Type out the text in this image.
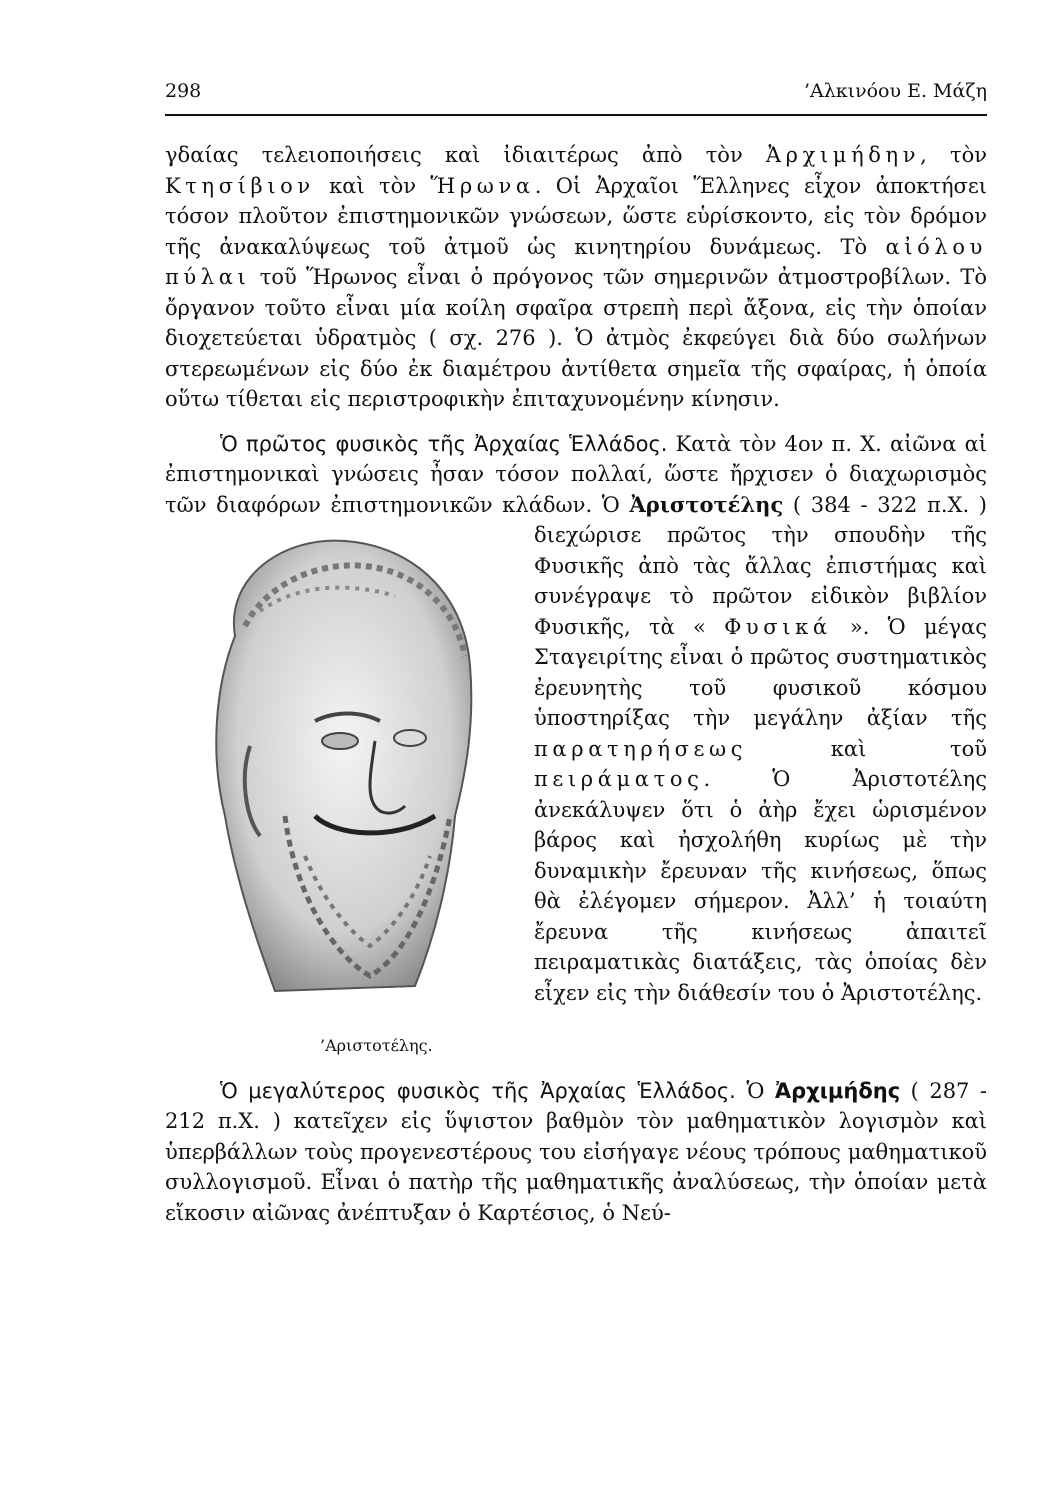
298	’Αλκινόου Ε. Μάζη

γδαίας τελειοποιήσεις καὶ ἰδιαιτέρως ἀπὸ τὸν Ἀρχιμήδην, τὸν Κτησίβιον καὶ τὸν Ἥρωνα. Οἱ Ἀρχαῖοι Ἕλληνες εἶχον ἀποκτήσει τόσον πλοῦτον ἐπιστημονικῶν γνώσεων, ὥστε εὑρίσκοντο, εἰς τὸν δρόμον τῆς ἀνακαλύψεως τοῦ ἀτμοῦ ὡς κινητηρίου δυνάμεως. Τὸ αἰόλου πύλαι τοῦ Ἥρωνος εἶναι ὁ πρόγονος τῶν σημερινῶν ἀτμοστροβίλων. Τὸ ὄργανον τοῦτο εἶναι μία κοίλη σφαῖρα στρεπὴ περὶ ἄξονα, εἰς τὴν ὁποίαν διοχετεύεται ὑδρατμὸς ( σχ. 276 ). Ὁ ἀτμὸς ἐκφεύγει διὰ δύο σωλήνων στερεωμένων εἰς δύο ἐκ διαμέτρου ἀντίθετα σημεῖα τῆς σφαίρας, ἡ ὁποία οὕτω τίθεται εἰς περιστροφικὴν ἐπιταχυνομένην κίνησιν.

Ὁ πρῶτος φυσικὸς τῆς Ἀρχαίας Ἑλλάδος. Κατὰ τὸν 4ον π. Χ. αἰῶνα αἱ ἐπιστημονικαὶ γνώσεις ἦσαν τόσον πολλαί, ὥστε ἤρχισεν ὁ διαχωρισμὸς τῶν διαφόρων ἐπιστημονικῶν κλάδων. Ὁ
’Αριστοτέλης.
Ἀριστοτέλης ( 384 - 322 π.Χ. ) διεχώρισε πρῶτος τὴν σπουδὴν τῆς Φυσικῆς ἀπὸ τὰς ἄλλας ἐπιστήμας καὶ συνέγραψε τὸ πρῶτον εἰδικὸν βιβλίον Φυσικῆς, τὰ « Φυσικά ». Ὁ μέγας Σταγειρίτης εἶναι ὁ πρῶτος συστηματικὸς ἐρευνητὴς τοῦ φυσικοῦ κόσμου ὑποστηρίξας τὴν μεγάλην ἀξίαν τῆς παρατηρήσεως καὶ τοῦ πειράματος. Ὁ Ἀριστοτέλης ἀνεκάλυψεν ὅτι ὁ ἀὴρ ἔχει ὡρισμένον βάρος καὶ ἠσχολήθη κυρίως μὲ τὴν δυναμικὴν ἔρευναν τῆς κινήσεως, ὅπως θὰ ἐλέγομεν σήμερον. Ἀλλ’ ἡ τοιαύτη ἔρευνα τῆς κινήσεως ἀπαιτεῖ πειραματικὰς διατάξεις, τὰς ὁποίας δὲν εἶχεν εἰς τὴν διάθεσίν του ὁ Ἀριστοτέλης.

Ὁ μεγαλύτερος φυσικὸς τῆς Ἀρχαίας Ἑλλάδος. Ὁ Ἀρχιμήδης ( 287 - 212 π.Χ. ) κατεῖχεν εἰς ὕψιστον βαθμὸν τὸν μαθηματικὸν λογισμὸν καὶ ὑπερβάλλων τοὺς προγενεστέρους του εἰσήγαγε νέους τρόπους μαθηματικοῦ συλλογισμοῦ. Εἶναι ὁ πατὴρ τῆς μαθηματικῆς ἀναλύσεως, τὴν ὁποίαν μετὰ εἴκοσιν αἰῶνας ἀνέπτυξαν ὁ Καρτέσιος, ὁ Νεύ-
